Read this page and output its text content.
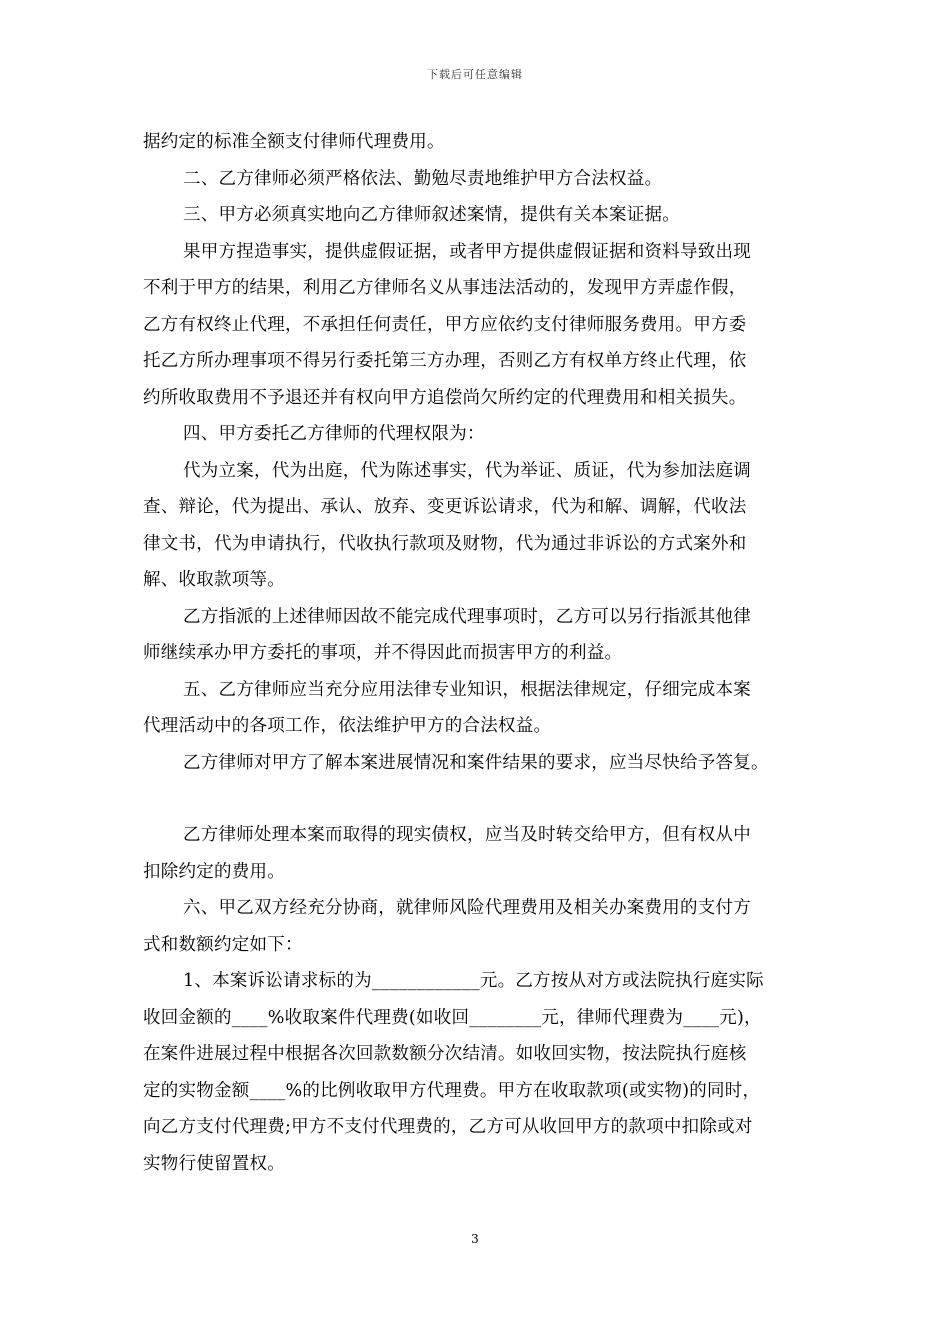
下载后可任意编辑
据约定的标准全额支付律师代理费用。
二、乙方律师必须严格依法、勤勉尽责地维护甲方合法权益。
三、甲方必须真实地向乙方律师叙述案情，提供有关本案证据。
果甲方捏造事实，提供虚假证据，或者甲方提供虚假证据和资料导致出现
不利于甲方的结果，利用乙方律师名义从事违法活动的，发现甲方弄虚作假，
乙方有权终止代理，不承担任何责任，甲方应依约支付律师服务费用。甲方委
托乙方所办理事项不得另行委托第三方办理，否则乙方有权单方终止代理，依
约所收取费用不予退还并有权向甲方追偿尚欠所约定的代理费用和相关损失。
四、甲方委托乙方律师的代理权限为：
代为立案，代为出庭，代为陈述事实，代为举证、质证，代为参加法庭调
查、辩论，代为提出、承认、放弃、变更诉讼请求，代为和解、调解，代收法
律文书，代为申请执行，代收执行款项及财物，代为通过非诉讼的方式案外和
解、收取款项等。
乙方指派的上述律师因故不能完成代理事项时，乙方可以另行指派其他律
师继续承办甲方委托的事项，并不得因此而损害甲方的利益。
五、乙方律师应当充分应用法律专业知识，根据法律规定，仔细完成本案
代理活动中的各项工作，依法维护甲方的合法权益。
乙方律师对甲方了解本案进展情况和案件结果的要求，应当尽快给予答复。
乙方律师处理本案而取得的现实债权，应当及时转交给甲方，但有权从中
扣除约定的费用。
六、甲乙双方经充分协商，就律师风险代理费用及相关办案费用的支付方
式和数额约定如下：
1、本案诉讼请求标的为____________元。乙方按从对方或法院执行庭实际
收回金额的____%收取案件代理费(如收回________元，律师代理费为____元)，
在案件进展过程中根据各次回款数额分次结清。如收回实物，按法院执行庭核
定的实物金额____%的比例收取甲方代理费。甲方在收取款项(或实物)的同时，
向乙方支付代理费;甲方不支付代理费的，乙方可从收回甲方的款项中扣除或对
实物行使留置权。
3
